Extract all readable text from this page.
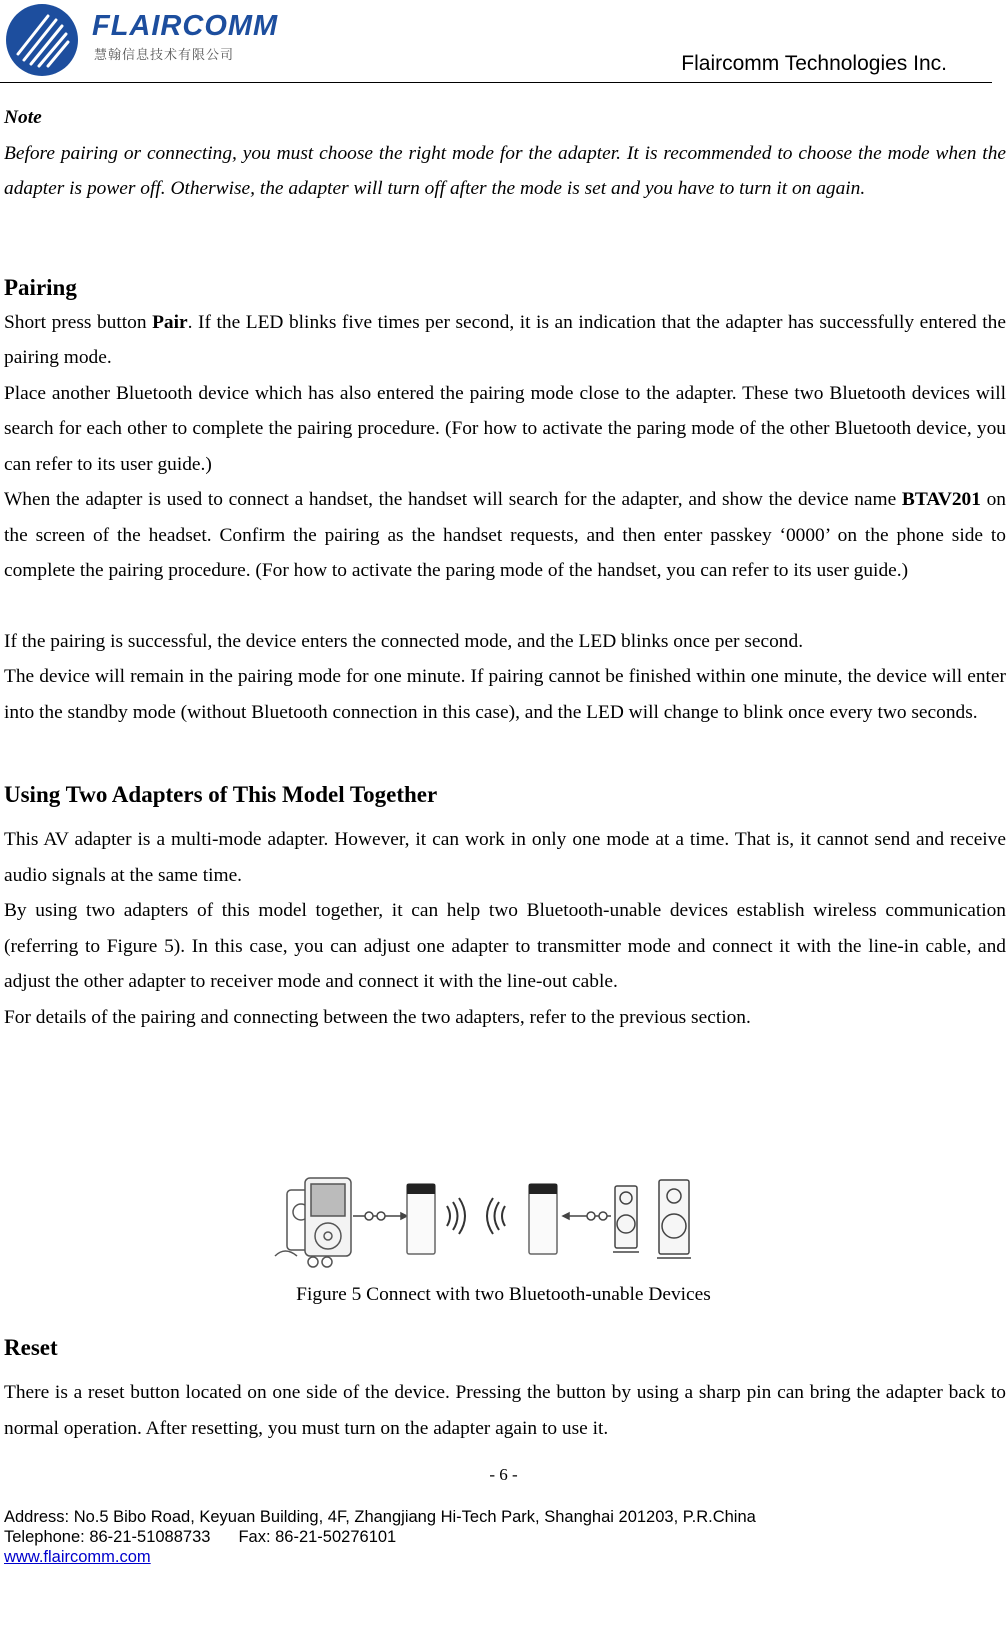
FLAIRCOMM
慧翰信息技术有限公司	Flaircomm Technologies Inc.

Note

Before pairing or connecting, you must choose the right mode for the adapter. It is recommended to choose the mode when the adapter is power off. Otherwise, the adapter will turn off after the mode is set and you have to turn it on again.

Pairing

Short press button Pair. If the LED blinks five times per second, it is an indication that the adapter has successfully entered the pairing mode.

Place another Bluetooth device which has also entered the pairing mode close to the adapter. These two Bluetooth devices will search for each other to complete the pairing procedure. (For how to activate the paring mode of the other Bluetooth device, you can refer to its user guide.)

When the adapter is used to connect a handset, the handset will search for the adapter, and show the device name BTAV201 on the screen of the headset. Confirm the pairing as the handset requests, and then enter passkey ‘0000’ on the phone side to complete the pairing procedure. (For how to activate the paring mode of the handset, you can refer to its user guide.)

If the pairing is successful, the device enters the connected mode, and the LED blinks once per second.

The device will remain in the pairing mode for one minute. If pairing cannot be finished within one minute, the device will enter into the standby mode (without Bluetooth connection in this case), and the LED will change to blink once every two seconds.

Using Two Adapters of This Model Together

This AV adapter is a multi-mode adapter. However, it can work in only one mode at a time. That is, it cannot send and receive audio signals at the same time.

By using two adapters of this model together, it can help two Bluetooth-unable devices establish wireless communication (referring to Figure 5). In this case, you can adjust one adapter to transmitter mode and connect it with the line-in cable, and adjust the other adapter to receiver mode and connect it with the line-out cable.

For details of the pairing and connecting between the two adapters, refer to the previous section.

Figure 5 Connect with two Bluetooth-unable Devices
Reset

There is a reset button located on one side of the device. Pressing the button by using a sharp pin can bring the adapter back to normal operation. After resetting, you must turn on the adapter again to use it.

- 6 -
Address: No.5 Bibo Road, Keyuan Building, 4F, Zhangjiang Hi-Tech Park, Shanghai 201203, P.R.China
Telephone: 86-21-51088733 Fax: 86-21-50276101
www.flaircomm.com
